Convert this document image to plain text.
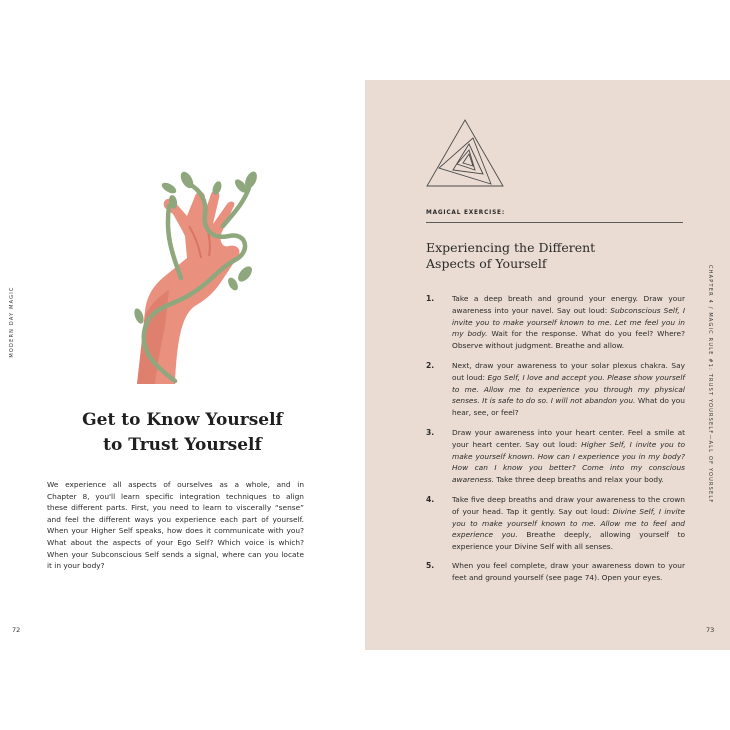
MODERN DAY MAGIC
Get to Know Yourself
to Trust Yourself
We experience all aspects of ourselves as a whole, and in
Chapter 8, you'll learn specific integration techniques to align
these different parts. First, you need to learn to viscerally “sense”
and feel the different ways you experience each part of yourself.
When your Higher Self speaks, how does it communicate with you?
What about the aspects of your Ego Self? Which voice is which?
When your Subconscious Self sends a signal, where can you locate
it in your body?
72
MAGICAL EXERCISE:
Experiencing the Different
Aspects of Yourself
1. Take a deep breath and ground your energy. Draw your awareness into your navel. Say out loud: Subconscious Self, I invite you to make yourself known to me. Let me feel you in my body. Wait for the response. What do you feel? Where? Observe without judgment. Breathe and allow.
2. Next, draw your awareness to your solar plexus chakra. Say out loud: Ego Self, I love and accept you. Please show yourself to me. Allow me to experience you through my physical senses. It is safe to do so. I will not abandon you. What do you hear, see, or feel?
3. Draw your awareness into your heart center. Feel a smile at your heart center. Say out loud: Higher Self, I invite you to make yourself known. How can I experience you in my body? How can I know you better? Come into my conscious awareness. Take three deep breaths and relax your body.
4. Take five deep breaths and draw your awareness to the crown of your head. Tap it gently. Say out loud: Divine Self, I invite you to make yourself known to me. Allow me to feel and experience you. Breathe deeply, allowing yourself to experience your Divine Self with all senses.
5. When you feel complete, draw your awareness down to your feet and ground yourself (see page 74). Open your eyes.
CHAPTER 4 / MAGIC RULE #1: TRUST YOURSELF—ALL OF YOURSELF
73
